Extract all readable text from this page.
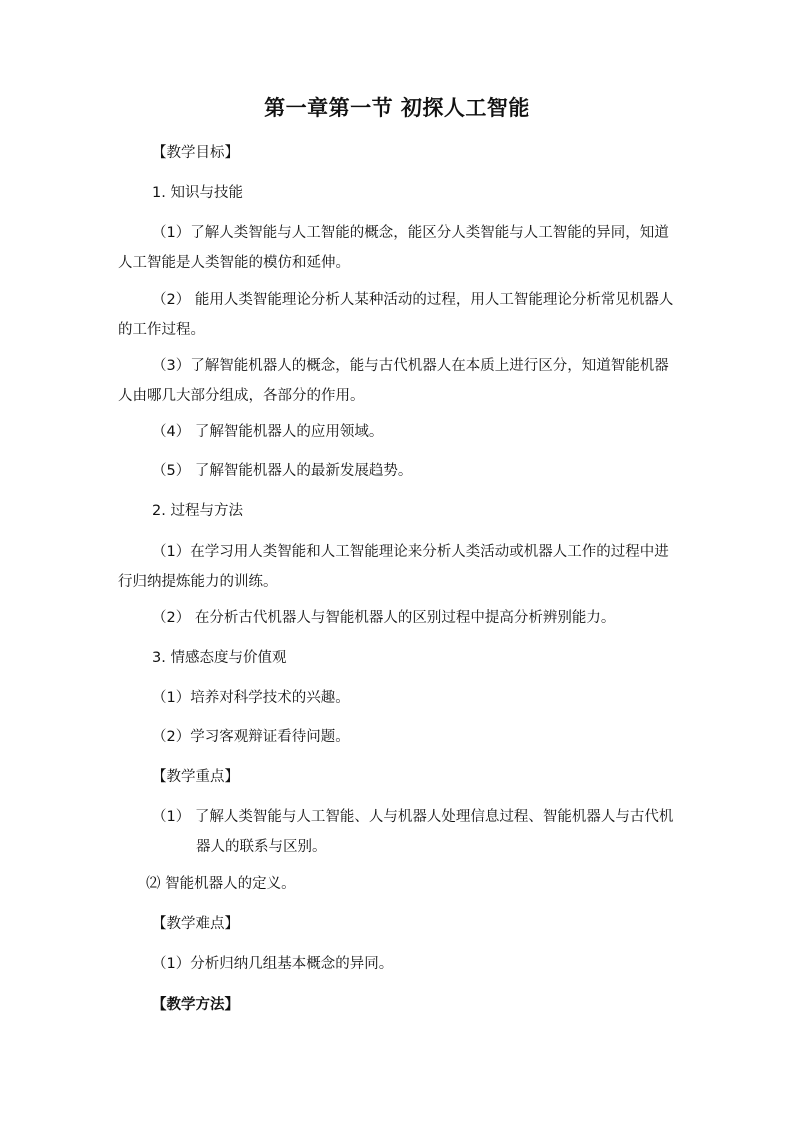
第一章第一节 初探人工智能
【教学目标】
1. 知识与技能
（1）了解人类智能与人工智能的概念，能区分人类智能与人工智能的异同，知道人工智能是人类智能的模仿和延伸。
（2） 能用人类智能理论分析人某种活动的过程，用人工智能理论分析常见机器人的工作过程。
（3）了解智能机器人的概念，能与古代机器人在本质上进行区分，知道智能机器人由哪几大部分组成，各部分的作用。
（4） 了解智能机器人的应用领域。
（5） 了解智能机器人的最新发展趋势。
2. 过程与方法
（1）在学习用人类智能和人工智能理论来分析人类活动或机器人工作的过程中进行归纳提炼能力的训练。
（2） 在分析古代机器人与智能机器人的区别过程中提高分析辨别能力。
3. 情感态度与价值观
（1）培养对科学技术的兴趣。
（2）学习客观辩证看待问题。
【教学重点】
（1） 了解人类智能与人工智能、人与机器人处理信息过程、智能机器人与古代机器人的联系与区别。
⑵ 智能机器人的定义。
【教学难点】
（1）分析归纳几组基本概念的异同。
【教学方法】
